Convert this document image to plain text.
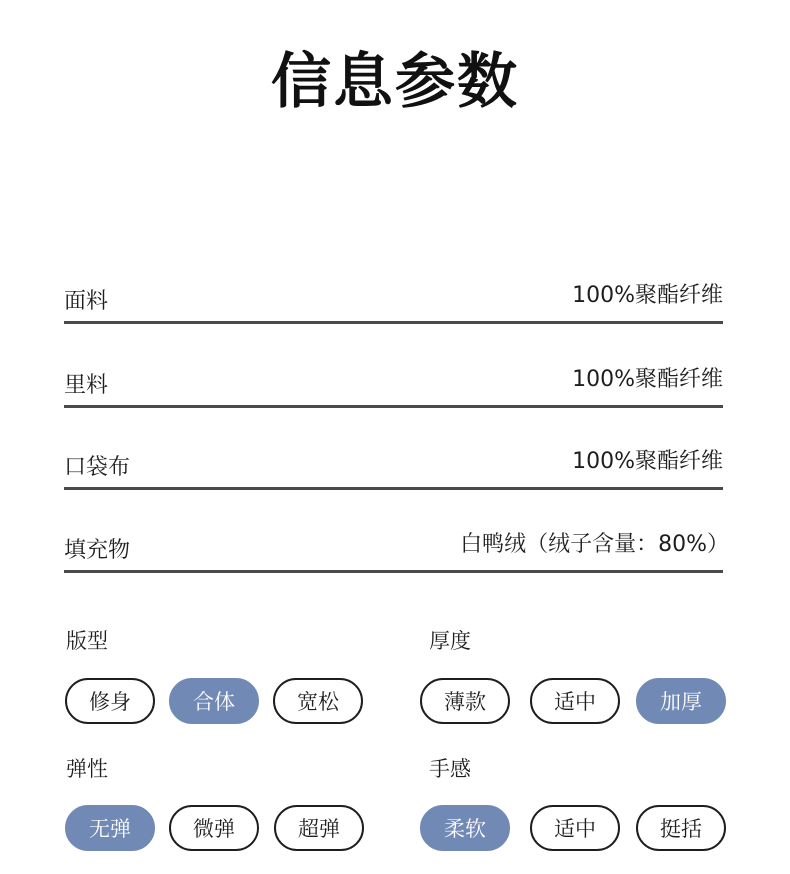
信息参数
面料	100%聚酯纤维
里料	100%聚酯纤维
口袋布	100%聚酯纤维
填充物	白鸭绒（绒子含量：80%）
版型
修身	合体	宽松
厚度
薄款	适中	加厚
弹性
无弹	微弹	超弹
手感
柔软	适中	挺括
